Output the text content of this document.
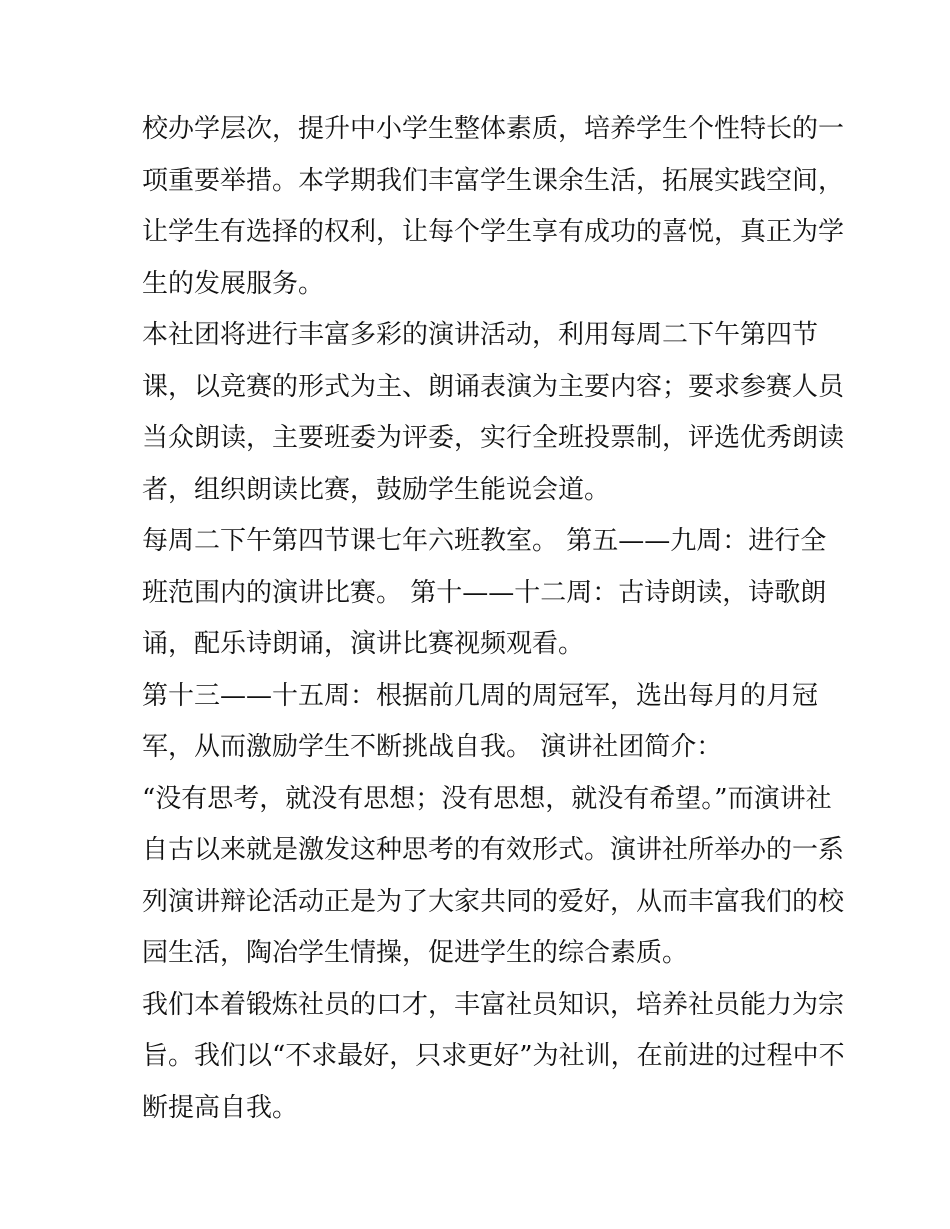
校办学层次，提升中小学生整体素质，培养学生个性特长的一
项重要举措。本学期我们丰富学生课余生活，拓展实践空间，
让学生有选择的权利，让每个学生享有成功的喜悦，真正为学
生的发展服务。
本社团将进行丰富多彩的演讲活动，利用每周二下午第四节
课，以竞赛的形式为主、朗诵表演为主要内容；要求参赛人员
当众朗读，主要班委为评委，实行全班投票制，评选优秀朗读
者，组织朗读比赛，鼓励学生能说会道。
每周二下午第四节课七年六班教室。 第五——九周：进行全
班范围内的演讲比赛。 第十——十二周：古诗朗读，诗歌朗
诵，配乐诗朗诵，演讲比赛视频观看。
第十三——十五周：根据前几周的周冠军，选出每月的月冠
军，从而激励学生不断挑战自我。 演讲社团简介：
“没有思考，就没有思想；没有思想，就没有希望。”而演讲社
自古以来就是激发这种思考的有效形式。演讲社所举办的一系
列演讲辩论活动正是为了大家共同的爱好，从而丰富我们的校
园生活，陶冶学生情操，促进学生的综合素质。
我们本着锻炼社员的口才，丰富社员知识，培养社员能力为宗
旨。我们以“不求最好，只求更好”为社训，在前进的过程中不
断提高自我。
